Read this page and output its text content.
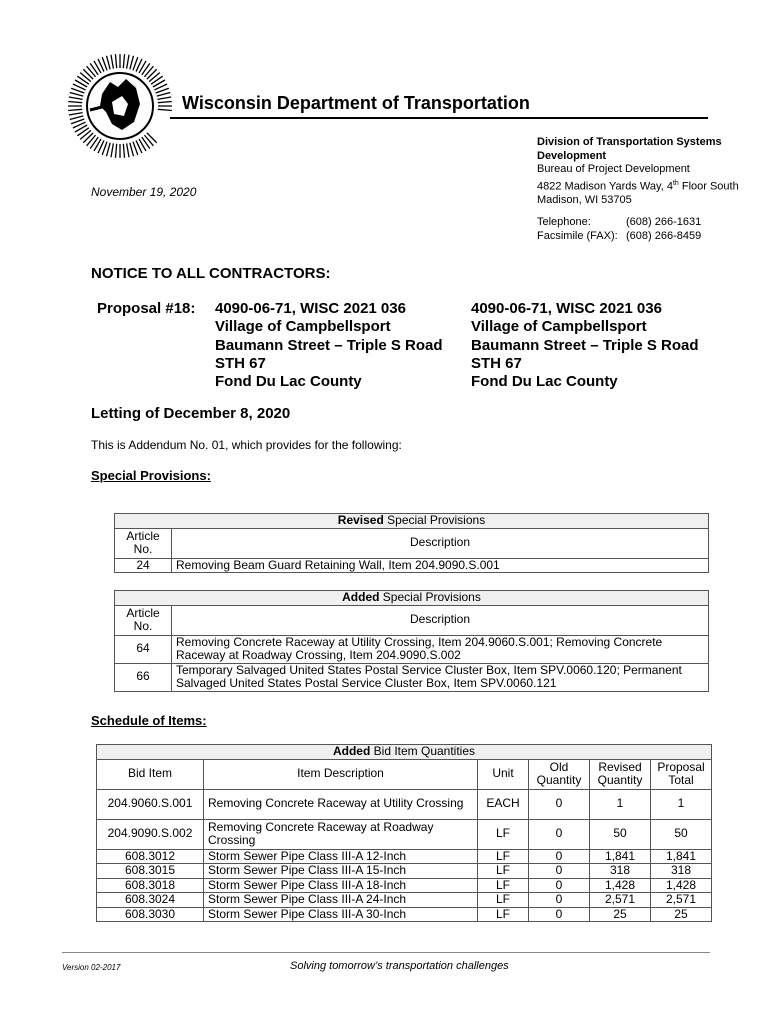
Wisconsin Department of Transportation
Division of Transportation Systems
Development
Bureau of Project Development
4822 Madison Yards Way, 4th Floor South
Madison, WI 53705
Telephone:	(608) 266-1631
Facsimile (FAX): (608) 266-8459
November 19, 2020
NOTICE TO ALL CONTRACTORS:
Proposal #18: 4090-06-71, WISC 2021 036
Village of Campbellsport
Baumann Street – Triple S Road
STH 67
Fond Du Lac County
4090-06-71, WISC 2021 036
Village of Campbellsport
Baumann Street – Triple S Road
STH 67
Fond Du Lac County
Letting of December 8, 2020
This is Addendum No. 01, which provides for the following:
Special Provisions:
Revised Special Provisions	
Article No.	Description
24	Removing Beam Guard Retaining Wall, Item 204.9090.S.001
Added Special Provisions	
Article No.	Description
64	Removing Concrete Raceway at Utility Crossing, Item 204.9060.S.001; Removing Concrete Raceway at Roadway Crossing, Item 204.9090.S.002
66	Temporary Salvaged United States Postal Service Cluster Box, Item SPV.0060.120; Permanent Salvaged United States Postal Service Cluster Box, Item SPV.0060.121
Schedule of Items:
Added Bid Item Quantities					
Bid Item	Item Description	Unit	Old Quantity	Revised Quantity	Proposal Total
204.9060.S.001	Removing Concrete Raceway at Utility Crossing	EACH	0	1	1
204.9090.S.002	Removing Concrete Raceway at Roadway Crossing	LF	0	50	50
608.3012	Storm Sewer Pipe Class III-A 12-Inch	LF	0	1,841	1,841
608.3015	Storm Sewer Pipe Class III-A 15-Inch	LF	0	318	318
608.3018	Storm Sewer Pipe Class III-A 18-Inch	LF	0	1,428	1,428
608.3024	Storm Sewer Pipe Class III-A 24-Inch	LF	0	2,571	2,571
608.3030	Storm Sewer Pipe Class III-A 30-Inch	LF	0	25	25
Version 02-2017	Solving tomorrow’s transportation challenges
